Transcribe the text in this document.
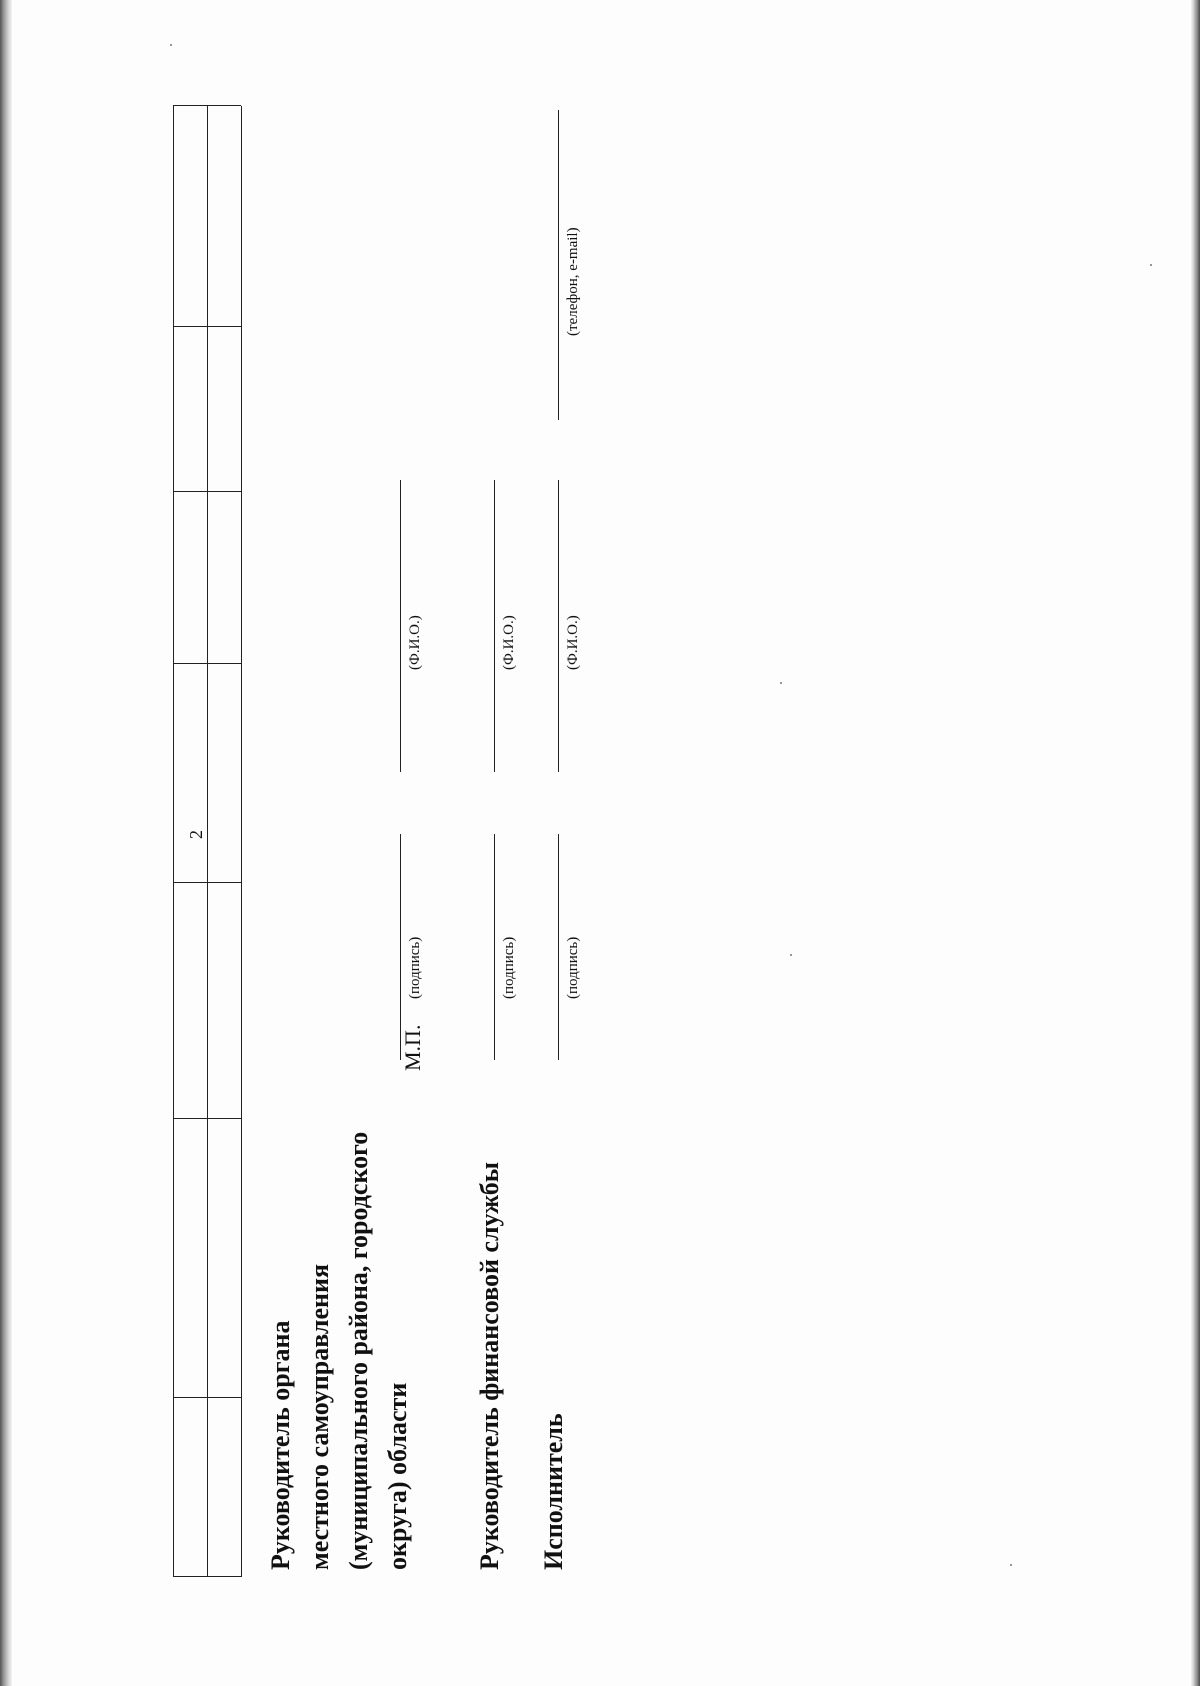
2
Руководитель органа местного самоуправления (муниципального района, городского округа) области
М.П.
(подпись)
(Ф.И.О.)
Руководитель финансовой службы
(подпись)
(Ф.И.О.)
Исполнитель
(подпись)
(Ф.И.О.)
(телефон, e-mail)
